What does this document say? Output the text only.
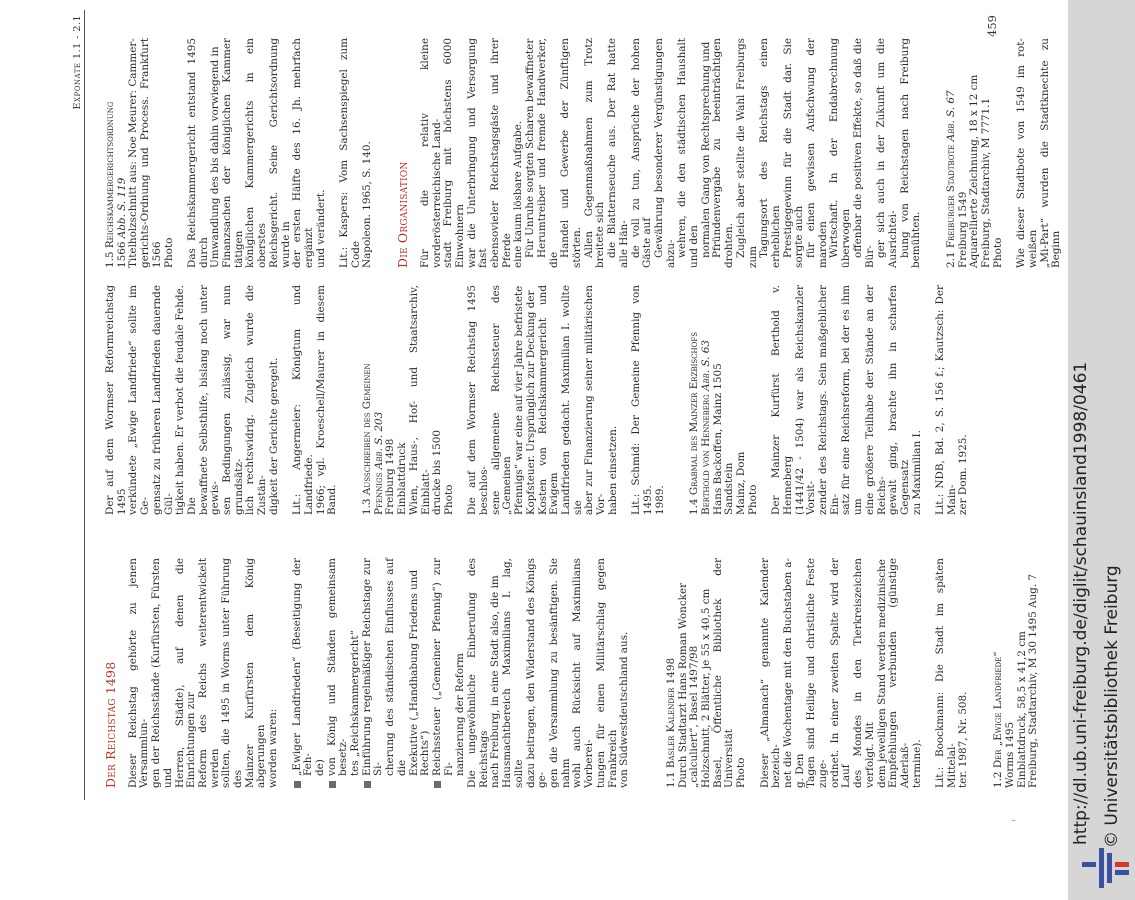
Exponate 1.1 - 2.1
Der Reichstag 1498 Dieser Reichstag gehörte zu jenen Versammlun- gen der Reichsstände (Kurfürsten, Fürsten und Herren, Städte), auf denen die Einrichtungen zur Reform des Reichs weiterentwickelt werden sollten, die 1495 in Worms unter Führung des Mainzer Kurfürsten dem König abgerungen worden waren: „Ewiger Landfrieden“ (Beseitigung der Feh- de) von König und Ständen gemeinsam besetz- tes „Reichskammergericht“ Einführung regelmäßiger Reichstage zur Si- cherung des ständischen Einflusses auf die Exekutive („Handhabung Friedens und Rechts“) Reichssteuer („Gemeiner Pfennig“) zur Fi- nanzierung der Reform Die ungewöhnliche Einberufung des Reichstags nach Freiburg, in eine Stadt also, die im Hausmachtbereich Maximilians I. lag, sollte dazu beitragen, den Widerstand des Königs ge- gen die Versammlung zu besänftigen. Sie nahm wohl auch Rücksicht auf Maximilians Vorberei- tungen für einen Militärschlag gegen Frankreich von Südwestdeutschland aus.	1.1 Basler Kalender 1498 Durch Stadtarzt Hans Roman Woncker „calculiert“, Basel 1497/98 Holzschnitt, 2 Blätter, je 55 x 40,5 cm Basel, Öffentliche Bibliothek der Universität Photo Dieser „Almanach“ genannte Kalender bezeich- net die Wochentage mit den Buchstaben a-g. Den Tagen sind Heilige und christliche Feste zuge- ordnet. In einer zweiten Spalte wird der Lauf des Mondes in den Tierkreiszeichen verfolgt. Mit dem jeweiligen Stand werden medizinische Empfehlungen verbunden (günstige Aderlaß- termine). Lit.: Boockmann: Die Stadt im späten Mittelal- ter. 1987, Nr. 508. 1.2 Der „Ewige Landfriede“ Worms 1495 Einblattdruck, 58,5 x 41,2 cm Freiburg, Stadtarchiv, M 30 1495 Aug. 7

Der auf dem Wormser Reformreichstag 1495 verkündete „Ewige Landfriede“ sollte im Ge- gensatz zu früheren Landfrieden dauernde Gül- tigkeit haben. Er verbot die feudale Fehde. Die bewaffnete Selbsthilfe, bislang noch unter gewis- sen Bedingungen zulässig, war nun grundsätz- lich rechtswidrig. Zugleich wurde die Zustän- digkeit der Gerichte geregelt. Lit.: Angermeier: Königtum und Landfriede. 1966; vgl. Kroeschell/Maurer in diesem Band. 1.3 Ausschreiben des Gemeinen Pfennigs Abb. S. 203 Freiburg 1498 Einblattdruck Wien, Haus-, Hof- und Staatsarchiv, Einblatt- drucke bis 1500 Photo Die auf dem Wormser Reichstag 1495 beschlos- sene allgemeine Reichssteuer des „Gemeinen Pfennigs“ war eine auf vier Jahre befristete Kopfsteuer. Ursprünglich zur Deckung der Kosten von Reichskammergericht und Ewigem Landfrieden gedacht. Maximilian I. wollte sie aber zur Finanzierung seiner militärischen Vor- haben einsetzen. Lit.: Schmid: Der Gemeine Pfennig von 1495. 1989. 1.4 Grabmal des Mainzer Erzbischofs Berthold von Henneberg Abb. S. 63 Hans Backoffen, Mainz 1505 Sandstein Mainz, Dom Photo Der Mainzer Kurfürst Berthold v. Henneberg (1441/42 - 1504) war als Reichskanzler Vorsit- zender des Reichstags. Sein maßgeblicher Ein- satz für eine Reichsreform, bei der es ihm um eine größere Teilhabe der Stände an der Reichs- gewalt ging, brachte ihn in scharfen Gegensatz zu Maximilian I. Lit.: NDB, Bd. 2, S. 156 f.; Kautzsch: Der Main- zer Dom. 1925.

1.5 Reichskammergerichtsordnung 1566 Abb. S. 119 Titelholzschnitt aus: Noe Meurer: Cammer- gerichts-Ordnung und Process. Frankfurt 1566 Photo Das Reichskammergericht entstand 1495 durch Umwandlung des bis dahin vorwiegend in Finanzsachen der königlichen Kammer tätigen königlichen Kammergerichts in ein oberstes Reichsgericht. Seine Gerichtsordnung wurde in der ersten Hälfte des 16. Jh. mehrfach ergänzt und verändert. Lit.: Kaspers: Vom Sachsenspiegel zum Code Napoleon. 1965, S. 140. Die Organisation Für die relativ kleine vorderösterreichische Land- stadt Freiburg mit höchstens 6000 Einwohnern war die Unterbringung und Versorgung fast ebensovieler Reichstagsgäste und ihrer Pferde eine kaum lösbare Aufgabe. Für Unruhe sorgten Scharen bewaffneter Herumtreiber und fremde Handwerker, die
Handel und Gewerbe der Zünftigen störten. Allen Gegenmaßnahmen zum Trotz breitete sich die Blatternseuche aus. Der Rat hatte alle Hän- de voll zu tun, Ansprüche der hohen Gäste auf Gewährung besonderer Vergünstigungen abzu- wehren, die den städtischen Haushalt und den normalen Gang von Rechtsprechung und Pfründenvergabe zu beeinträchtigen drohten. Zugleich aber stellte die Wahl Freiburgs zum Tagungsort des Reichstags einen erheblichen Prestigegewinn für die Stadt dar. Sie sorgte auch für einen gewissen Aufschwung der maroden Wirtschaft. In der Endabrechnung überwogen offenbar die positiven Effekte, so daß die Bür- ger sich auch in der Zukunft um die Ausrichtei- bung von Reichstagen nach Freiburg bemühten. 2.1 Freiburger Stadtbote Abb. S. 67
Freiburg 1549 Aquarellierte Zeichnung, 18 x 12 cm Freiburg, Stadtarchiv, M 7771.1 Photo Wie dieser Stadtbote von 1549 im rot-weißen „Mi-Part“ wurden die Stadtknechte zu Beginn

459
'	http://dl.ub.uni-freiburg.de/diglit/schauinsland1998/0461 © Universitätsbibliothek Freiburg
